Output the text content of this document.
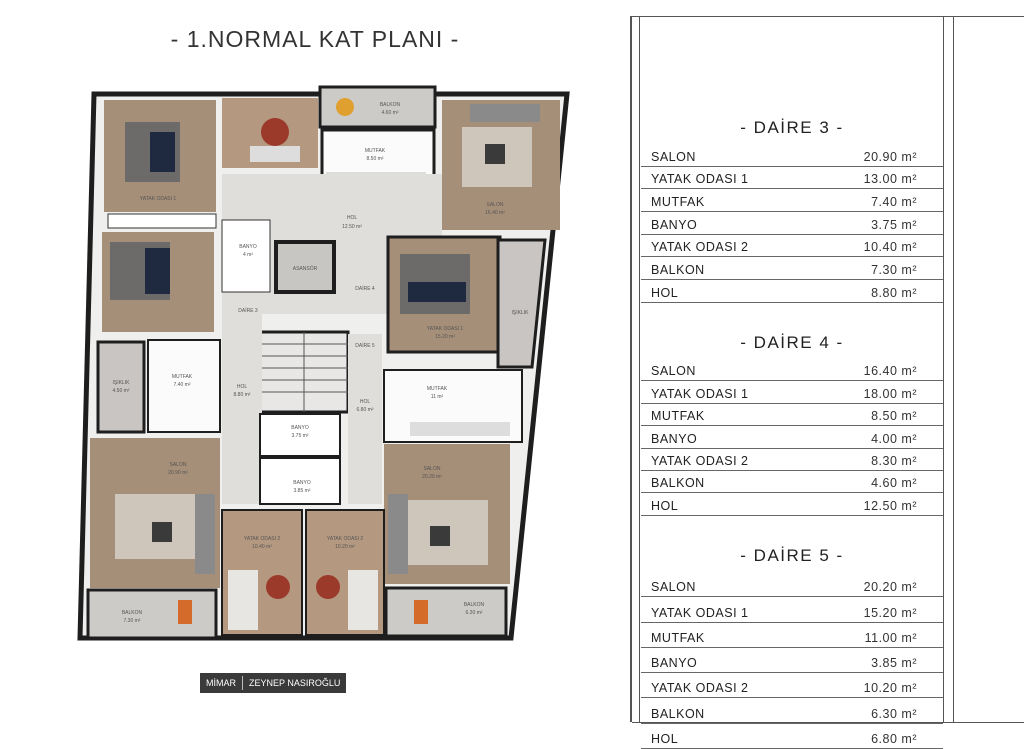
- 1.NORMAL KAT PLANI -
BALKON
4.60 m²
MUTFAK
8.50 m²
SALON
16.40 m²
YATAK ODASI 1
HOL
12.50 m²
BANYO
4 m²
ASANSÖR
DAİRE 4
DAİRE 3
DAİRE 5
YATAK ODASI 1
15.20 m²
IŞIKLIK
IŞIKLIK
4.50 m²
MUTFAK
7.40 m²	HOL
8.80 m²
HOL
6.80 m²
MUTFAK
11 m²
BANYO
3.75 m²
BANYO
3.85 m²
SALON
20.90 m²
SALON
20.20 m²
YATAK ODASI 2
10.40 m²
YATAK ODASI 2
10.20 m²
BALKON
7.30 m²
BALKON
6.30 m²
MİMAR	ZEYNEP NASIROĞLU
- DAİRE 3 -
SALON	20.90 m²
YATAK ODASI 1	13.00 m²
MUTFAK	7.40 m²
BANYO	3.75 m²
YATAK ODASI 2	10.40 m²
BALKON	7.30 m²
HOL	8.80 m²
- DAİRE 4 -
SALON	16.40 m²
YATAK ODASI 1	18.00 m²
MUTFAK	8.50 m²
BANYO	4.00 m²
YATAK ODASI 2	8.30 m²
BALKON	4.60 m²
HOL	12.50 m²
- DAİRE 5 -
SALON	20.20 m²
YATAK ODASI 1	15.20 m²
MUTFAK	11.00 m²
BANYO	3.85 m²
YATAK ODASI 2	10.20 m²
BALKON	6.30 m²
HOL	6.80 m²
